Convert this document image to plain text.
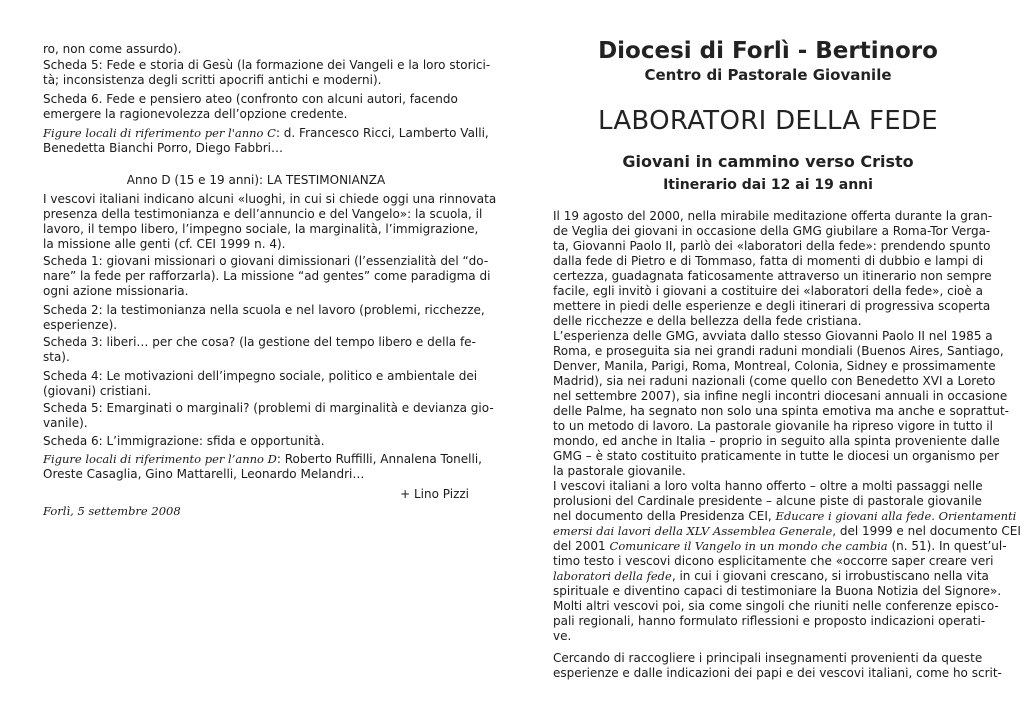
ro, non come assurdo).

Scheda 5: Fede e storia di Gesù (la formazione dei Vangeli e la loro storici-

tà; inconsistenza degli scritti apocrifi antichi e moderni).

Scheda 6. Fede e pensiero ateo (confronto con alcuni autori, facendo

emergere la ragionevolezza dell’opzione credente.

Figure locali di riferimento per l'anno C: d. Francesco Ricci, Lamberto Valli,

Benedetta Bianchi Porro, Diego Fabbri…

Anno D (15 e 19 anni): LA TESTIMONIANZA

I vescovi italiani indicano alcuni «luoghi, in cui si chiede oggi una rinnovata

presenza della testimonianza e dell’annuncio e del Vangelo»: la scuola, il

lavoro, il tempo libero, l’impegno sociale, la marginalità, l’immigrazione,

la missione alle genti (cf. CEI 1999 n. 4).

Scheda 1: giovani missionari o giovani dimissionari (l’essenzialità del “do-

nare” la fede per rafforzarla). La missione “ad gentes” come paradigma di

ogni azione missionaria.

Scheda 2: la testimonianza nella scuola e nel lavoro (problemi, ricchezze,

esperienze).

Scheda 3: liberi… per che cosa? (la gestione del tempo libero e della fe-

sta).

Scheda 4: Le motivazioni dell’impegno sociale, politico e ambientale dei

(giovani) cristiani.

Scheda 5: Emarginati o marginali? (problemi di marginalità e devianza gio-

vanile).

Scheda 6: L’immigrazione: sfida e opportunità.

Figure locali di riferimento per l’anno D: Roberto Ruffilli, Annalena Tonelli,

Oreste Casaglia, Gino Mattarelli, Leonardo Melandri…

+ Lino Pizzi

Forlì, 5 settembre 2008

Diocesi di Forlì - Bertinoro

Centro di Pastorale Giovanile

LABORATORI DELLA FEDE

Giovani in cammino verso Cristo

Itinerario dai 12 ai 19 anni

Il 19 agosto del 2000, nella mirabile meditazione offerta durante la gran-

de Veglia dei giovani in occasione della GMG giubilare a Roma-Tor Verga-

ta, Giovanni Paolo II, parlò dei «laboratori della fede»: prendendo spunto

dalla fede di Pietro e di Tommaso, fatta di momenti di dubbio e lampi di

certezza, guadagnata faticosamente attraverso un itinerario non sempre

facile, egli invitò i giovani a costituire dei «laboratori della fede», cioè a

mettere in piedi delle esperienze e degli itinerari di progressiva scoperta

delle ricchezze e della bellezza della fede cristiana.

L’esperienza delle GMG, avviata dallo stesso Giovanni Paolo II nel 1985 a

Roma, e proseguita sia nei grandi raduni mondiali (Buenos Aires, Santiago,

Denver, Manila, Parigi, Roma, Montreal, Colonia, Sidney e prossimamente

Madrid), sia nei raduni nazionali (come quello con Benedetto XVI a Loreto

nel settembre 2007), sia infine negli incontri diocesani annuali in occasione

delle Palme, ha segnato non solo una spinta emotiva ma anche e soprattut-

to un metodo di lavoro. La pastorale giovanile ha ripreso vigore in tutto il

mondo, ed anche in Italia – proprio in seguito alla spinta proveniente dalle

GMG – è stato costituito praticamente in tutte le diocesi un organismo per

la pastorale giovanile.

I vescovi italiani a loro volta hanno offerto – oltre a molti passaggi nelle

prolusioni del Cardinale presidente – alcune piste di pastorale giovanile

nel documento della Presidenza CEI, Educare i giovani alla fede. Orientamenti

emersi dai lavori della XLV Assemblea Generale, del 1999 e nel documento CEI

del 2001 Comunicare il Vangelo in un mondo che cambia (n. 51). In quest’ul-

timo testo i vescovi dicono esplicitamente che «occorre saper creare veri

laboratori della fede, in cui i giovani crescano, si irrobustiscano nella vita

spirituale e diventino capaci di testimoniare la Buona Notizia del Signore».

Molti altri vescovi poi, sia come singoli che riuniti nelle conferenze episco-

pali regionali, hanno formulato riflessioni e proposto indicazioni operati-

ve.

Cercando di raccogliere i principali insegnamenti provenienti da queste

esperienze e dalle indicazioni dei papi e dei vescovi italiani, come ho scrit-
